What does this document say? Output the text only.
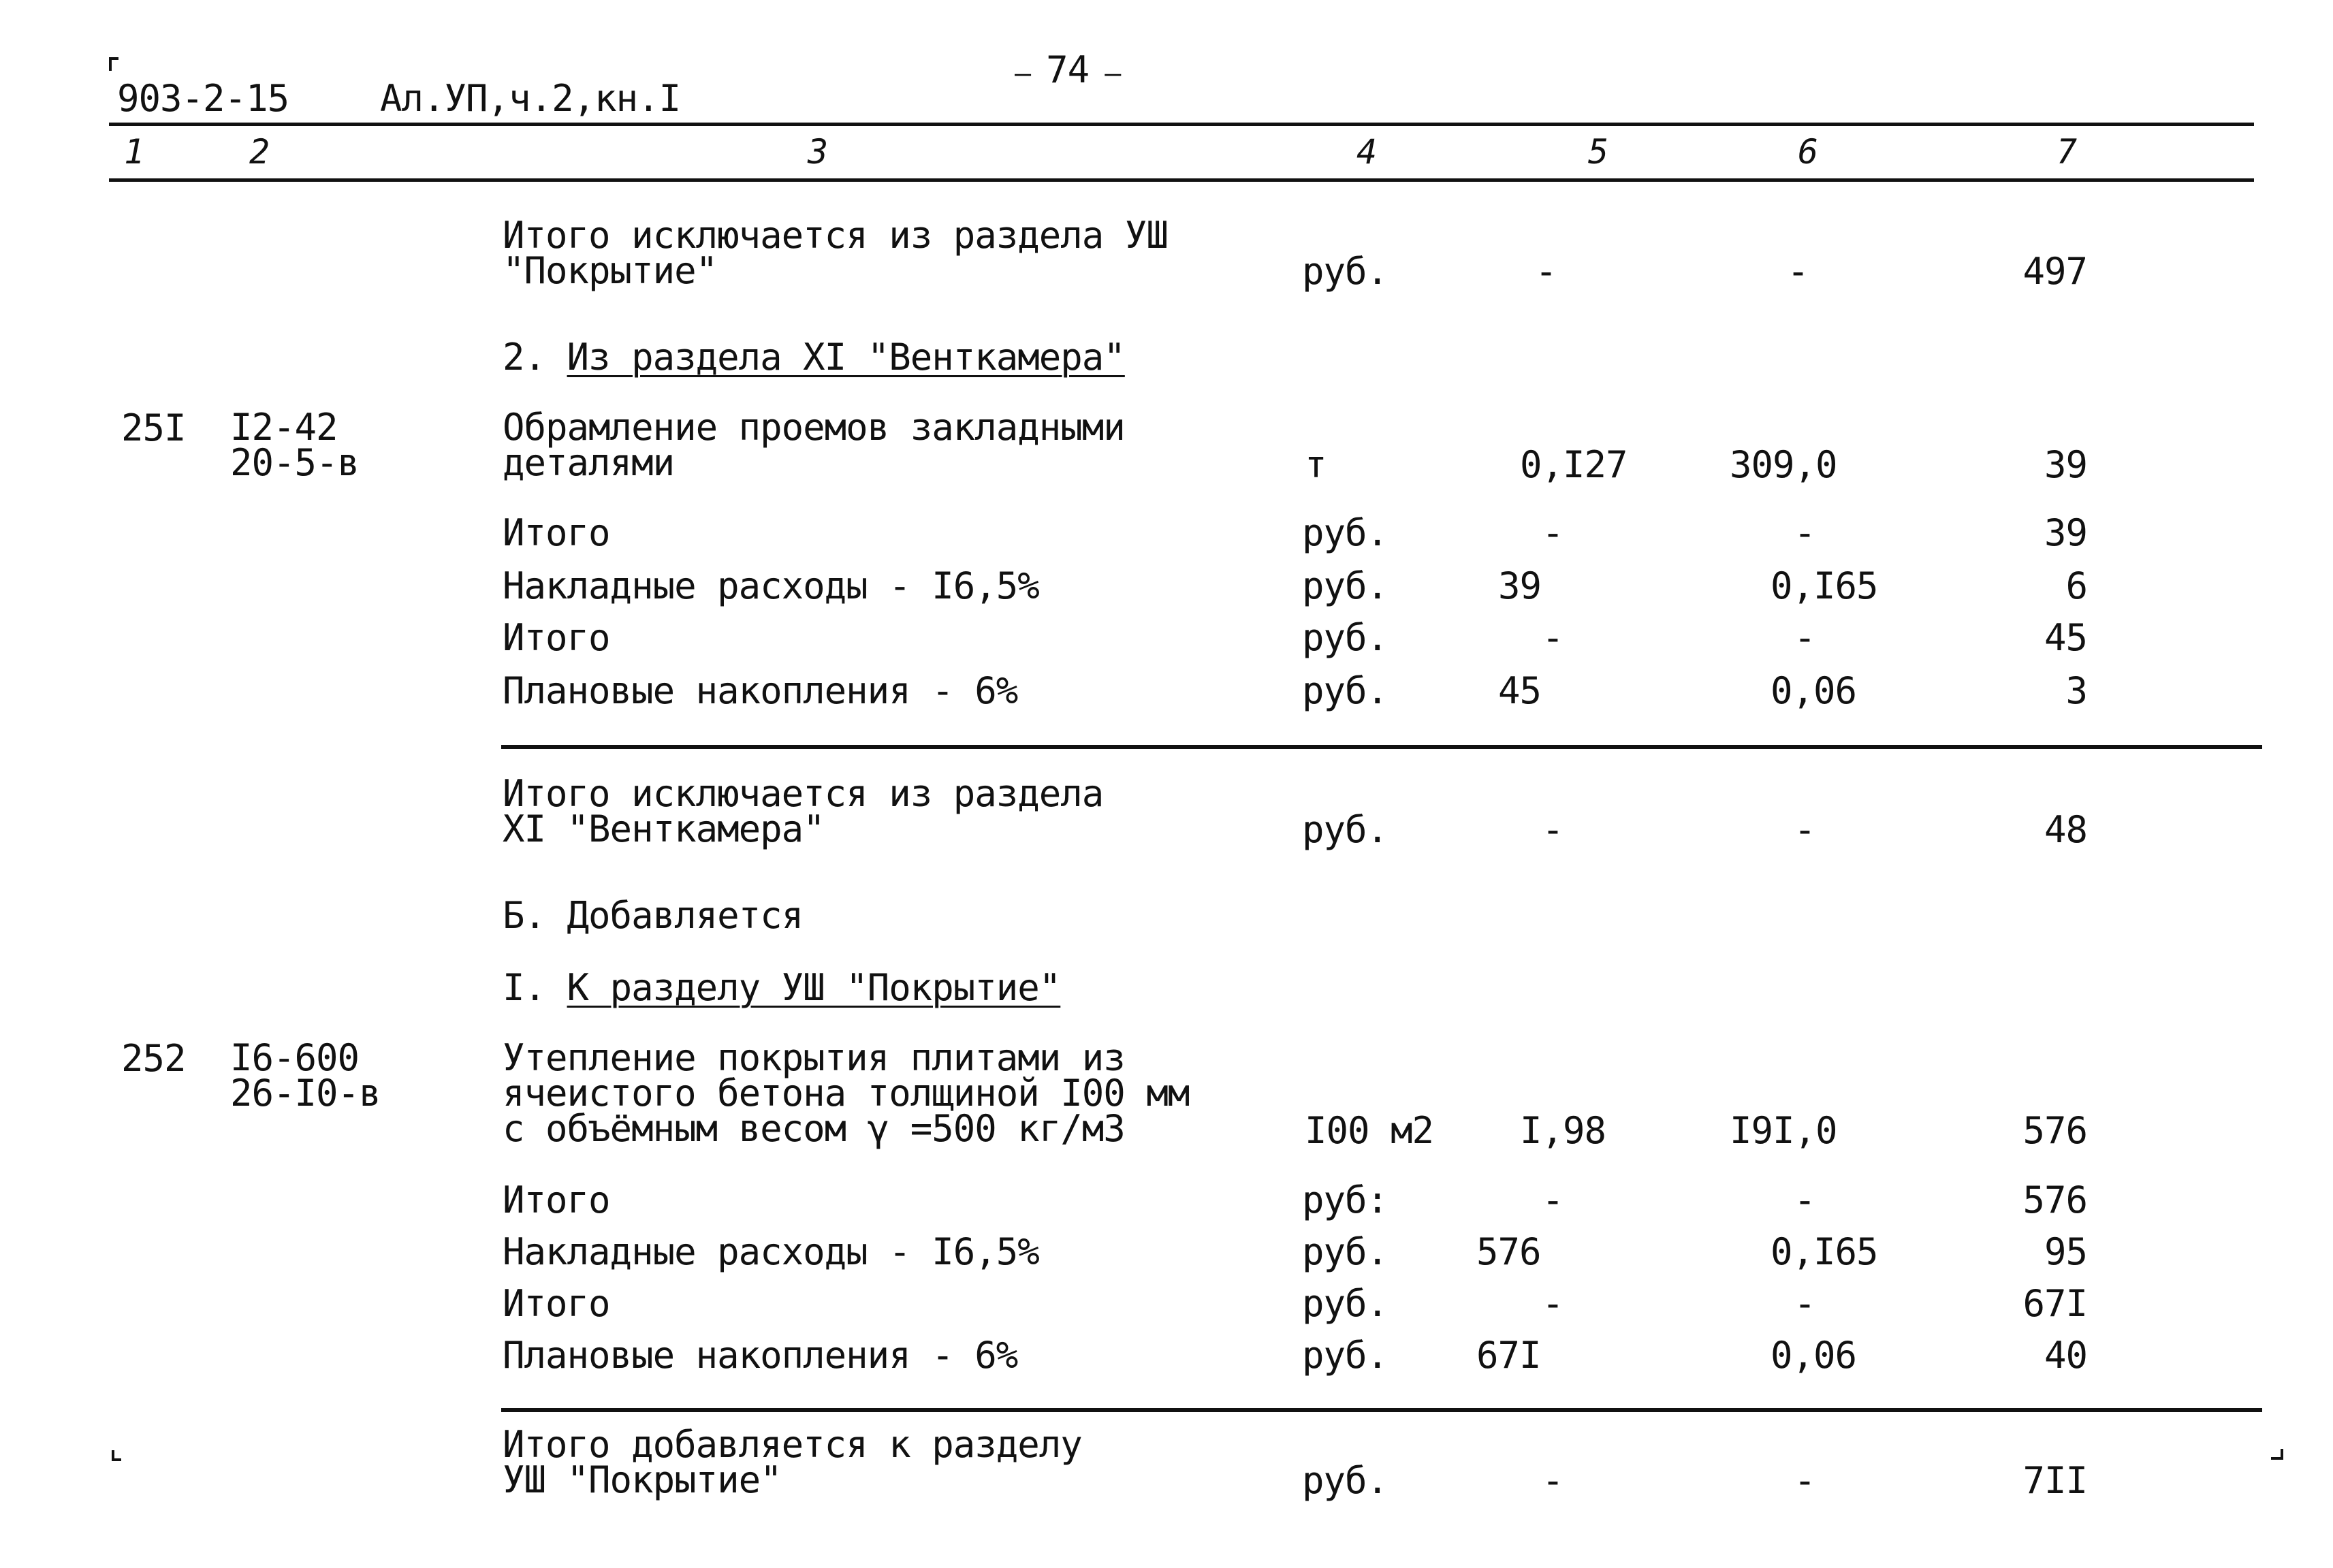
903-2-15 Ал.УП,ч.2,кн.I
— 74 —
1	2	3	4	5	6	7
Итого исключается из раздела УШ
"Покрытие"	руб.	-	-	497
2. Из раздела XI "Венткамера"
25I I2-42
20-5-в
Обрамление проемов закладными
деталями	т	0,I27	309,0	39
Итого	руб.	-	-	39
Накладные расходы - I6,5%	руб.	39	0,I65	6
Итого	руб.	-	-	45
Плановые накопления - 6%	руб.	45	0,06	3
Итого исключается из раздела
XI "Венткамера"	руб.	-	-	48
Б. Добавляется
I. К разделу УШ "Покрытие"
252 I6-600
26-I0-в
Утепление покрытия плитами из
ячеистого бетона толщиной I00 мм
с объёмным весом γ =500 кг/м3	I00 м2 I,98	I9I,0	576
Итого	руб:	-	-	576
Накладные расходы - I6,5%	руб. 576	0,I65	95
Итого	руб.	-	-	67I
Плановые накопления - 6%	руб. 67I	0,06	40
Итого добавляется к разделу
УШ "Покрытие"	руб.	-	-	7II
